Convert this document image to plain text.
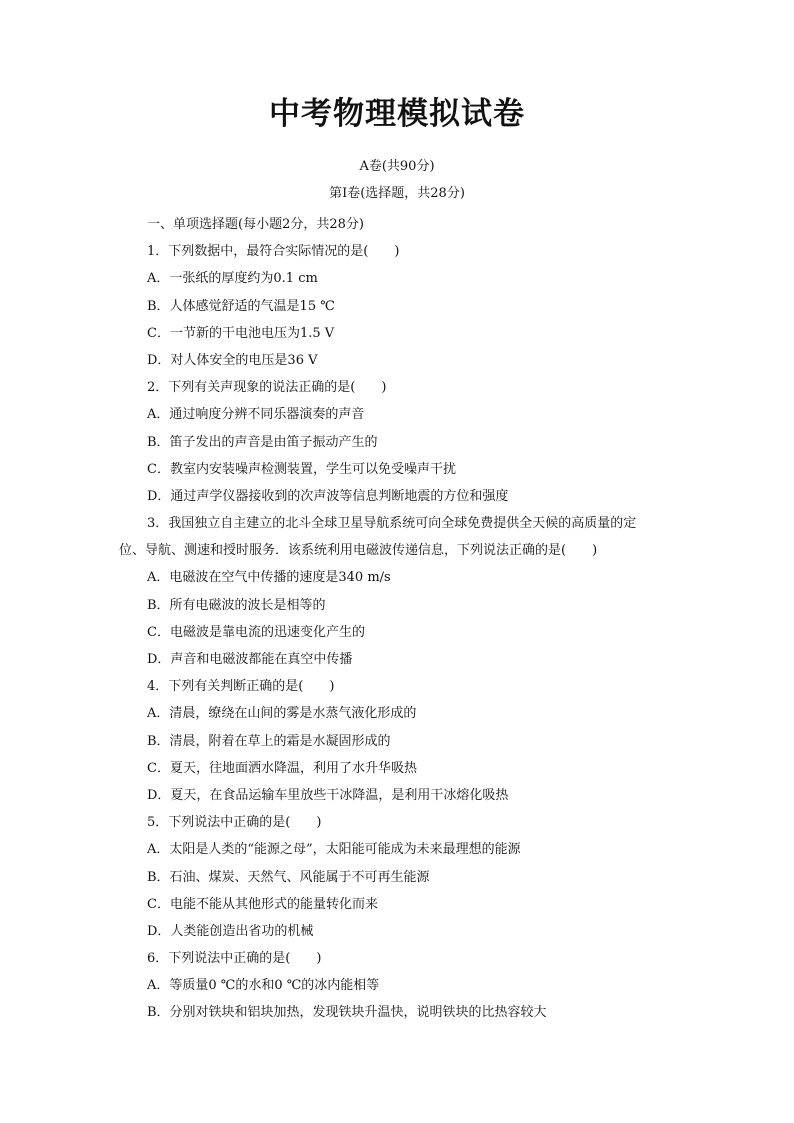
中考物理模拟试卷
A卷(共90分)
第Ⅰ卷(选择题，共28分)
一、单项选择题(每小题2分，共28分)
1．下列数据中，最符合实际情况的是(　　)
A．一张纸的厚度约为0.1 cm
B．人体感觉舒适的气温是15 ℃
C．一节新的干电池电压为1.5 V
D．对人体安全的电压是36 V
2．下列有关声现象的说法正确的是(　　)
A．通过响度分辨不同乐器演奏的声音
B．笛子发出的声音是由笛子振动产生的
C．教室内安装噪声检测装置，学生可以免受噪声干扰
D．通过声学仪器接收到的次声波等信息判断地震的方位和强度
3．我国独立自主建立的北斗全球卫星导航系统可向全球免费提供全天候的高质量的定
位、导航、测速和授时服务．该系统利用电磁波传递信息，下列说法正确的是(　　)
A．电磁波在空气中传播的速度是340 m/s
B．所有电磁波的波长是相等的
C．电磁波是靠电流的迅速变化产生的
D．声音和电磁波都能在真空中传播
4．下列有关判断正确的是(　　)
A．清晨，缭绕在山间的雾是水蒸气液化形成的
B．清晨，附着在草上的霜是水凝固形成的
C．夏天，往地面洒水降温，利用了水升华吸热
D．夏天，在食品运输车里放些干冰降温，是利用干冰熔化吸热
5．下列说法中正确的是(　　)
A．太阳是人类的“能源之母”，太阳能可能成为未来最理想的能源
B．石油、煤炭、天然气、风能属于不可再生能源
C．电能不能从其他形式的能量转化而来
D．人类能创造出省功的机械
6．下列说法中正确的是(　　)
A．等质量0 ℃的水和0 ℃的冰内能相等
B．分别对铁块和铝块加热，发现铁块升温快，说明铁块的比热容较大
